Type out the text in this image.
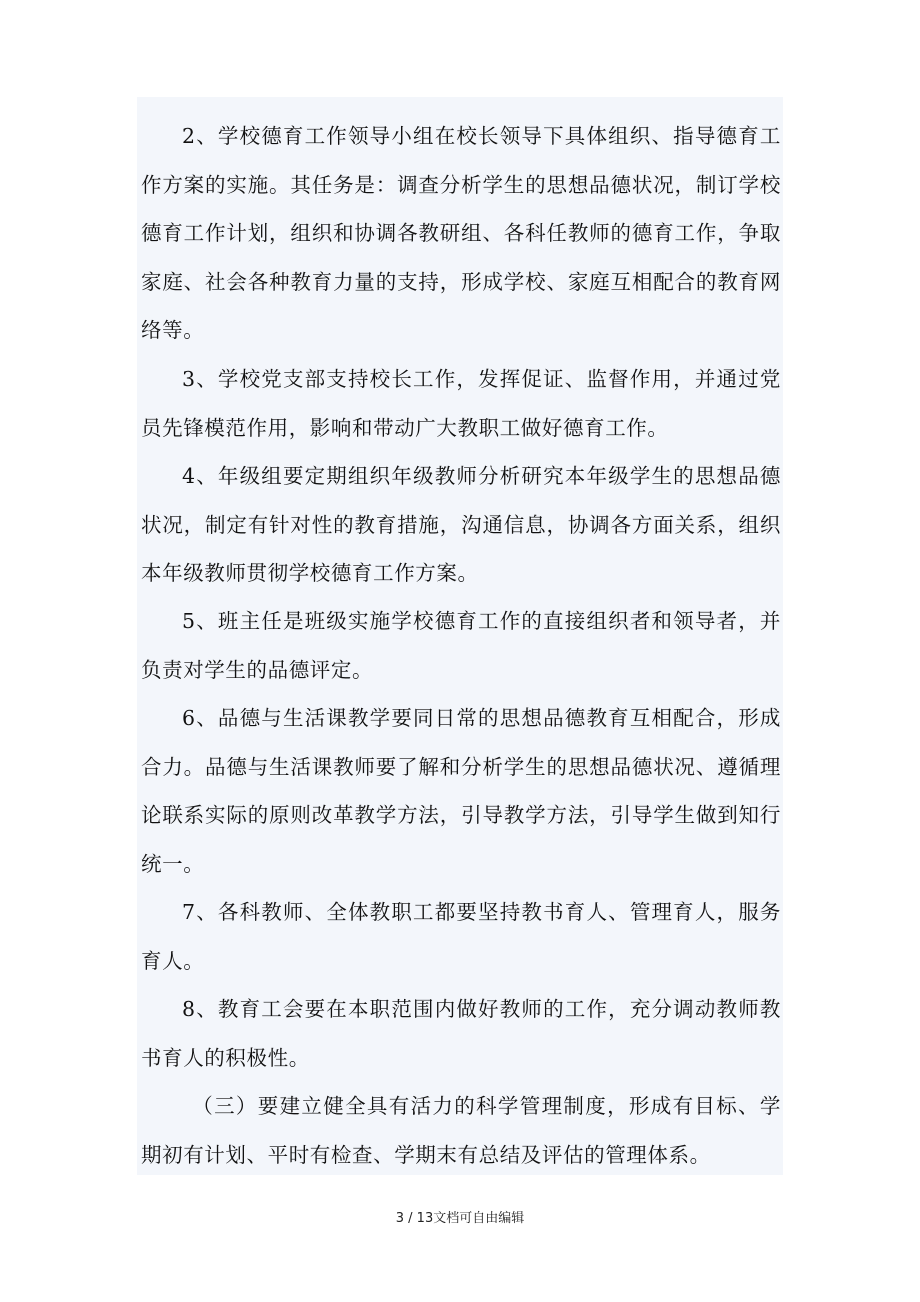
2、学校德育工作领导小组在校长领导下具体组织、指导德育工作方案的实施。其任务是：调查分析学生的思想品德状况，制订学校德育工作计划，组织和协调各教研组、各科任教师的德育工作，争取家庭、社会各种教育力量的支持，形成学校、家庭互相配合的教育网络等。

3、学校党支部支持校长工作，发挥促证、监督作用，并通过党员先锋模范作用，影响和带动广大教职工做好德育工作。

4、年级组要定期组织年级教师分析研究本年级学生的思想品德状况，制定有针对性的教育措施，沟通信息，协调各方面关系，组织本年级教师贯彻学校德育工作方案。

5、班主任是班级实施学校德育工作的直接组织者和领导者，并负责对学生的品德评定。

6、品德与生活课教学要同日常的思想品德教育互相配合，形成合力。品德与生活课教师要了解和分析学生的思想品德状况、遵循理论联系实际的原则改革教学方法，引导教学方法，引导学生做到知行统一。

7、各科教师、全体教职工都要坚持教书育人、管理育人，服务育人。

8、教育工会要在本职范围内做好教师的工作，充分调动教师教书育人的积极性。

（三）要建立健全具有活力的科学管理制度，形成有目标、学期初有计划、平时有检查、学期末有总结及评估的管理体系。

3 / 13文档可自由编辑
